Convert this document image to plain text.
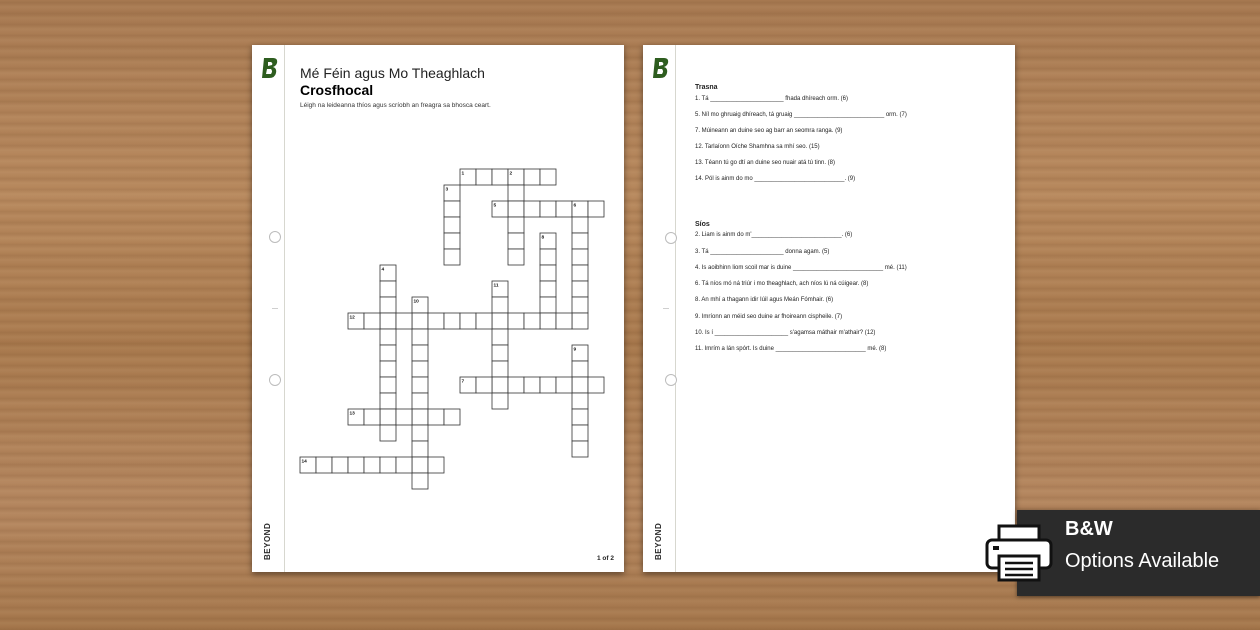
BEYOND
Mé Féin agus Mo Theaghlach
Crosfhocal
Léigh na leideanna thíos agus scríobh an freagra sa bhosca ceart.
1	2
3
5	6
8
4
11
10
12
9
7
13
14
1 of 2	BEYOND
Trasna
1. Tá ______________________ fhada dhíreach orm. (6)
5. Níl mo ghruaig dhíreach, tá gruaig ___________________________ orm. (7)
7. Múineann an duine seo ag barr an seomra ranga. (9)
12. Tarlaíonn Oíche Shamhna sa mhí seo. (15)
13. Téann tú go dtí an duine seo nuair atá tú tinn. (8)
14. Pól is ainm do mo ___________________________. (9)
Síos
2. Liam is ainm do m'___________________________. (6)
3. Tá ______________________ donna agam. (5)
4. Is aoibhinn liom scoil mar is duine ___________________________ mé. (11)
6. Tá níos mó ná triúr i mo theaghlach, ach níos lú ná cúigear. (8)
8. An mhí a thagann idir Iúil agus Meán Fómhair. (6)
9. Imríonn an méid seo duine ar fhoireann cispheile. (7)
10. Is í ______________________ s'agamsa máthair m'athair? (12)
11. Imrím a lán spórt. Is duine ___________________________ mé. (8)
B&W
Options Available
